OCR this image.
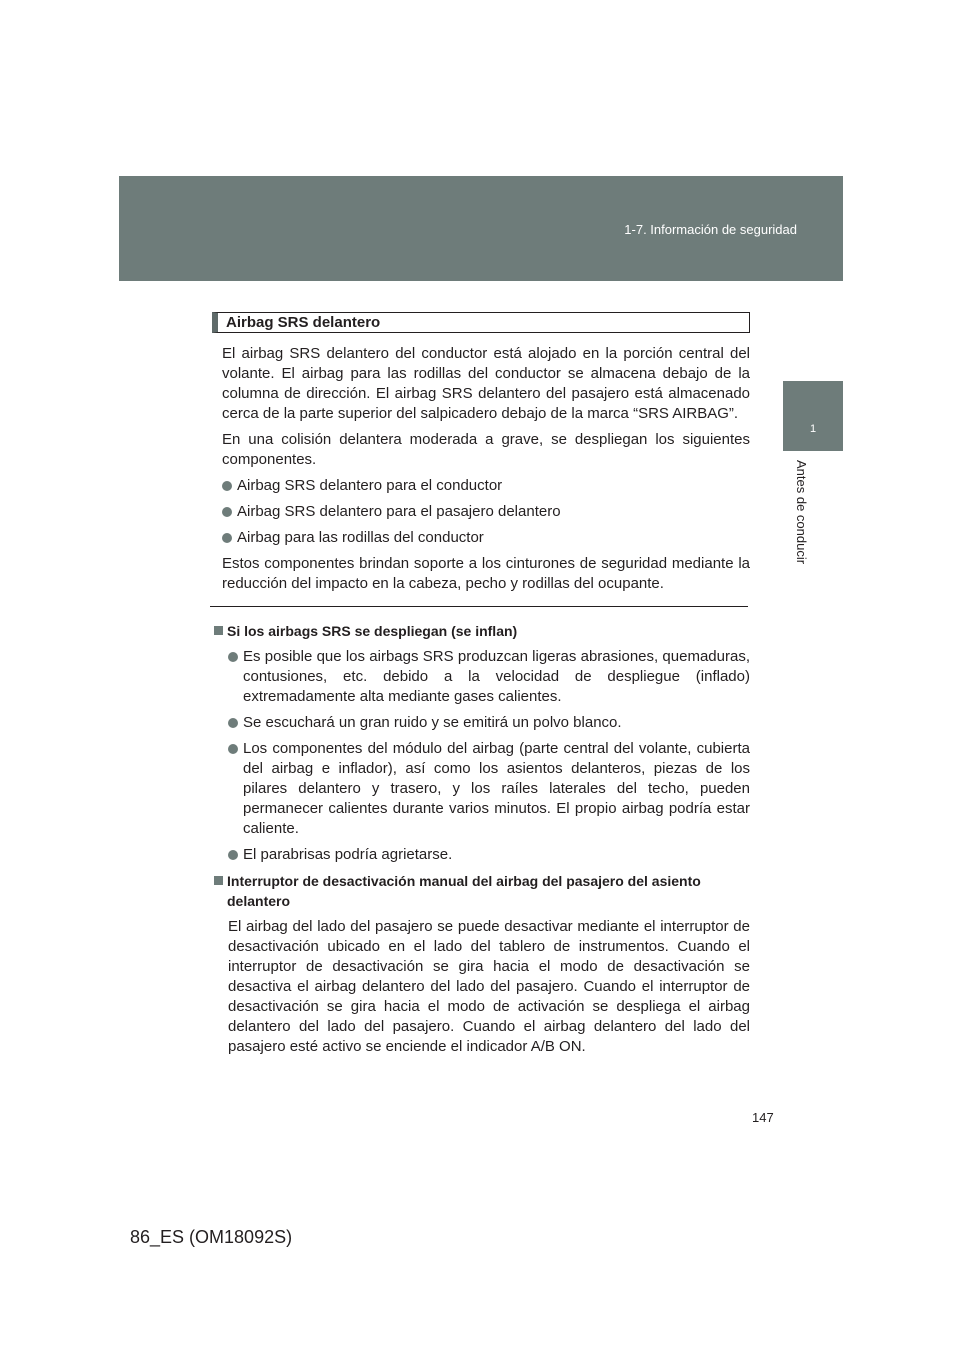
1-7. Información de seguridad
1
Antes de conducir
Airbag SRS delantero

El airbag SRS delantero del conductor está alojado en la porción central del volante. El airbag para las rodillas del conductor se almacena debajo de la columna de dirección. El airbag SRS delantero del pasajero está almacenado cerca de la parte superior del salpicadero debajo de la marca “SRS AIRBAG”.

En una colisión delantera moderada a grave, se despliegan los siguientes componentes.

Airbag SRS delantero para el conductor
Airbag SRS delantero para el pasajero delantero
Airbag para las rodillas del conductor

Estos componentes brindan soporte a los cinturones de seguridad mediante la reducción del impacto en la cabeza, pecho y rodillas del ocupante.

Si los airbags SRS se despliegan (se inflan)
Es posible que los airbags SRS produzcan ligeras abrasiones, quemaduras, contusiones, etc. debido a la velocidad de despliegue (inflado) extremadamente alta mediante gases calientes.
Se escuchará un gran ruido y se emitirá un polvo blanco.
Los componentes del módulo del airbag (parte central del volante, cubierta del airbag e inflador), así como los asientos delanteros, piezas de los pilares delantero y trasero, y los raíles laterales del techo, pueden permanecer calientes durante varios minutos. El propio airbag podría estar caliente.
El parabrisas podría agrietarse.
Interruptor de desactivación manual del airbag del pasajero del asiento delantero

El airbag del lado del pasajero se puede desactivar mediante el interruptor de desactivación ubicado en el lado del tablero de instrumentos. Cuando el interruptor de desactivación se gira hacia el modo de desactivación se desactiva el airbag delantero del lado del pasajero. Cuando el interruptor de desactivación se gira hacia el modo de activación se despliega el airbag delantero del lado del pasajero. Cuando el airbag delantero del lado del pasajero esté activo se enciende el indicador A/B ON.

147
86_ES (OM18092S)
